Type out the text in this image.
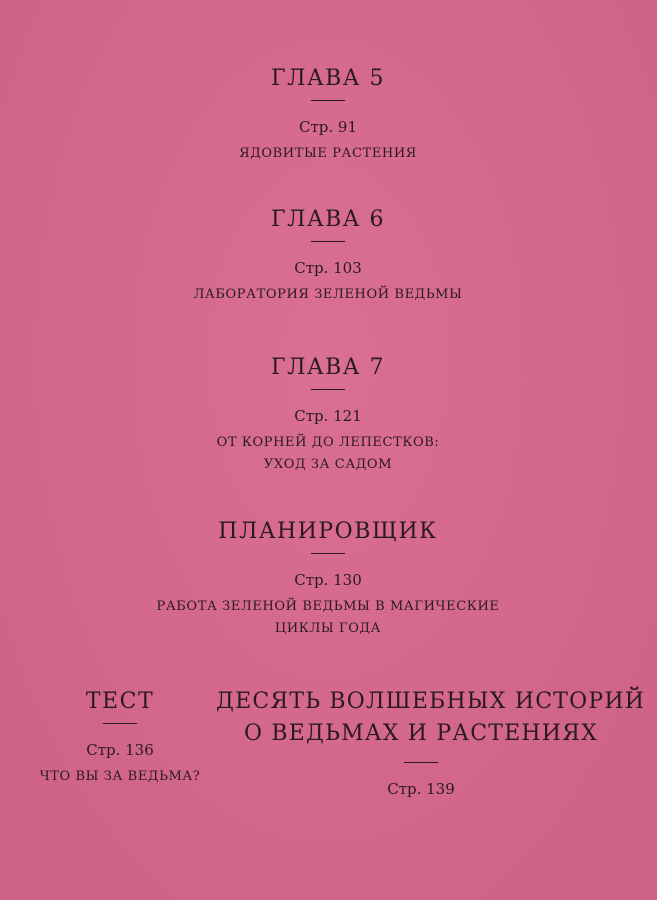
ГЛАВА 5
Стр. 91
ЯДОВИТЫЕ РАСТЕНИЯ
ГЛАВА 6
Стр. 103
ЛАБОРАТОРИЯ ЗЕЛЕНОЙ ВЕДЬМЫ
ГЛАВА 7
Стр. 121
ОТ КОРНЕЙ ДО ЛЕПЕСТКОВ:
УХОД ЗА САДОМ
ПЛАНИРОВЩИК
Стр. 130
РАБОТА ЗЕЛЕНОЙ ВЕДЬМЫ В МАГИЧЕСКИЕ
ЦИКЛЫ ГОДА
ТЕСТ
Стр. 136
ЧТО ВЫ ЗА ВЕДЬМА?
ДЕСЯТЬ ВОЛШЕБНЫХ ИСТОРИЙ
О ВЕДЬМАХ И РАСТЕНИЯХ
Стр. 139
